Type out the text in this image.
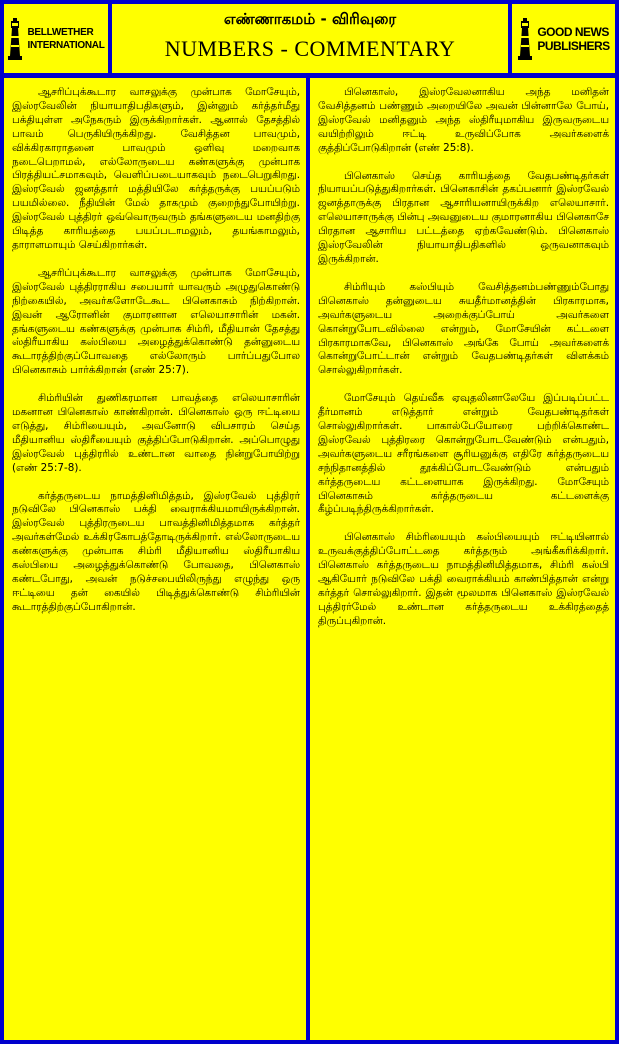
BELLWETHER
INTERNATIONAL
எண்ணாகமம் - விரிவுரை
NUMBERS - COMMENTARY
GOOD NEWS
PUBLISHERS

ஆசரிப்புக்கூடார வாசலுக்கு முன்பாக மோசேயும், இஸ்ரவேலின் நியாயாதிபதிகளும், இன்னும் கர்த்தர்மீது பக்தியுள்ள அநேகரும் இருக்கிறார்கள். ஆனால் தேசத்தில் பாவம் பெருகியிருக்கிறது. வேசித்தன பாவமும், விக்கிரகாராதனை பாவமும் ஒளிவு மறைவாக நடைபெறாமல், எல்லோருடைய கண்களுக்கு முன்பாக பிரத்தியட்சமாகவும், வெளிப்படையாகவும் நடைபெறுகிறது. இஸ்ரவேல் ஜனத்தார் மத்தியிலே கர்த்தருக்கு பயப்படும் பயமில்லை. நீதியின் மேல் தாகமும் குறைந்துபோயிற்று. இஸ்ரவேல் புத்திரர் ஒவ்வொருவரும் தங்களுடைய மனதிற்கு பிடித்த காரியத்தை பயப்படாமலும், தயங்காமலும், தாராளமாயும் செய்கிறார்கள்.

ஆசரிப்புக்கூடார வாசலுக்கு முன்பாக மோசேயும், இஸ்ரவேல் புத்திரராகிய சபையார் யாவரும் அழுதுகொண்டு நிற்கையில், அவர்களோடேகூட பினெகாசும் நிற்கிறான். இவன் ஆரோனின் குமாரனான எலெயாசாரின் மகன். தங்களுடைய கண்களுக்கு முன்பாக சிம்ரி, மீதியான் தேசத்து ஸ்திரீயாகிய கஸ்பியை அழைத்துக்கொண்டு தன்னுடைய கூடாரத்திற்குப்போவதை எல்லோரும் பார்ப்பதுபோல பினெகாசும் பார்க்கிறான் (எண் 25:7).

சிம்ரியின் துணிகரமான பாவத்தை எலெயாசாரின் மகனான பினெகாஸ் காண்கிறான். பினெகாஸ் ஒரு ஈட்டியை எடுத்து, சிம்ரியையும், அவனோடு விபசாரம் செய்த மீதியானிய ஸ்திரீயையும் குத்திப்போடுகிறான். அப்பொழுது இஸ்ரவேல் புத்திரரில் உண்டான வாதை நின்றுபோயிற்று (எண் 25:7-8).

கர்த்தருடைய நாமத்தினிமித்தம், இஸ்ரவேல் புத்திரர் நடுவிலே பினெகாஸ் பக்தி வைராக்கியமாயிருக்கிறான். இஸ்ரவேல் புத்திரருடைய பாவத்தினிமித்தமாக கர்த்தர் அவர்கள்மேல் உக்கிரகோபத்தோடிருக்கிறார். எல்லோருடைய கண்களுக்கு முன்பாக சிம்ரி மீதியானிய ஸ்திரீயாகிய கஸ்பியை அழைத்துக்கொண்டு போவதை, பினெகாஸ் கண்டபோது, அவன் நடுச்சபையிலிருந்து எழுந்து ஒரு ஈட்டியை தன் கையில் பிடித்துக்கொண்டு சிம்ரியின் கூடாரத்திற்குப்போகிறான்.

பினெகாஸ், இஸ்ரவேலனாகிய அந்த மனிதன் வேசித்தனம் பண்ணும் அறையிலே அவன் பின்னாலே போய், இஸ்ரவேல் மனிதனும் அந்த ஸ்திரீயுமாகிய இருவருடைய வயிற்றிலும் ஈட்டி உருவிப்போக அவர்களைக் குத்திப்போடுகிறான் (எண் 25:8).

பினெகாஸ் செய்த காரியத்தை வேதபண்டிதர்கள் நியாயப்படுத்துகிறார்கள். பினெகாசின் தகப்பனார் இஸ்ரவேல் ஜனத்தாருக்கு பிரதான ஆசாரியனாயிருக்கிற எலெயாசார். எலெயாசாருக்கு பின்பு அவனுடைய குமாரனாகிய பினெகாசே பிரதான ஆசாரிய பட்டத்தை ஏற்கவேண்டும். பினெகாஸ் இஸ்ரவேலின் நியாயாதிபதிகளில் ஒருவனாகவும் இருக்கிறான்.

சிம்ரியும் கஸ்பியும் வேசித்தனம்பண்ணும்போது பினெகாஸ் தன்னுடைய சுயதீர்மானத்தின் பிரகாரமாக, அவர்களுடைய அறைக்குப்போய் அவர்களை கொன்றுபோடவில்லை என்றும், மோசேயின் கட்டளை பிரகாரமாகவே, பினெகாஸ் அங்கே போய் அவர்களைக் கொன்றுபோட்டான் என்றும் வேதபண்டிதர்கள் விளக்கம் சொல்லுகிறார்கள்.

மோசேயும் தெய்வீக ஏவுதலினாலேயே இப்படிப்பட்ட தீர்மானம் எடுத்தார் என்றும் வேதபண்டிதர்கள் சொல்லுகிறார்கள். பாகால்பேயோரை பற்றிக்கொண்ட இஸ்ரவேல் புத்திரரை கொன்றுபோடவேண்டும் என்பதும், அவர்களுடைய சரீரங்களை சூரியனுக்கு எதிரே கர்த்தருடைய சந்நிதானத்தில் தூக்கிப்போடவேண்டும் என்பதும் கர்த்தருடைய கட்டளையாக இருக்கிறது. மோசேயும் பினெகாசும் கர்த்தருடைய கட்டளைக்கு கீழ்ப்படிந்திருக்கிறார்கள்.

பினெகாஸ் சிம்ரியையும் கஸ்பியையும் ஈட்டியினால் உருவக்குத்திப்போட்டதை கர்த்தரும் அங்கீகரிக்கிறார். பினெகாஸ் கர்த்தருடைய நாமத்தினிமித்தமாக, சிம்ரி கஸ்பி ஆகியோர் நடுவிலே பக்தி வைராக்கியம் காண்பித்தான் என்று கர்த்தர் சொல்லுகிறார். இதன் மூலமாக பினெகாஸ் இஸ்ரவேல் புத்திரர்மேல் உண்டான கர்த்தருடைய உக்கிரத்தைத் திருப்புகிறான்.
